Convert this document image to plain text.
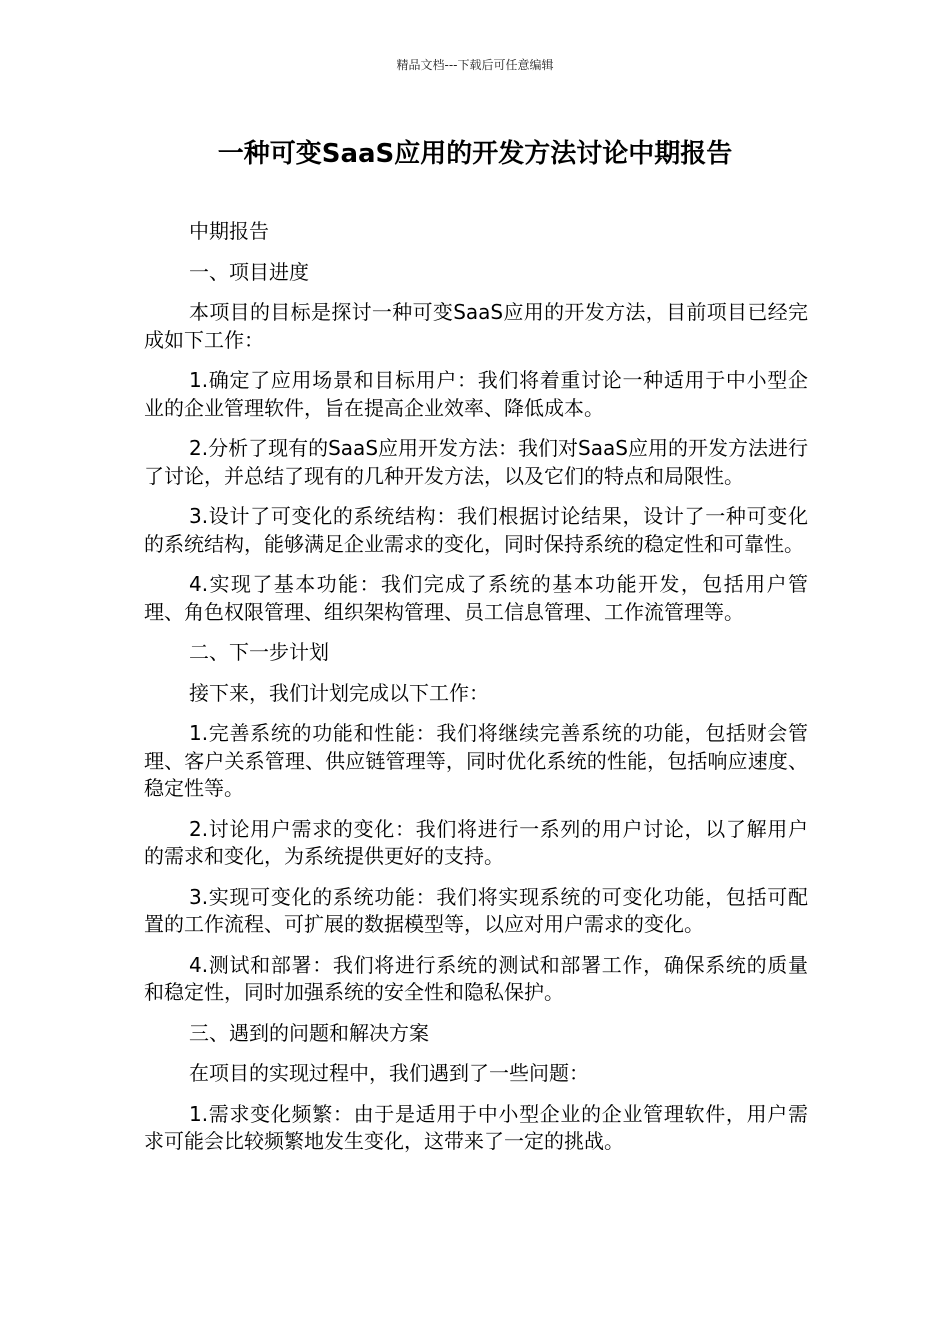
精品文档---下载后可任意编辑
一种可变SaaS应用的开发方法讨论中期报告

中期报告

一、项目进度

本项目的目标是探讨一种可变SaaS应用的开发方法，目前项目已经完成如下工作：

1.确定了应用场景和目标用户：我们将着重讨论一种适用于中小型企业的企业管理软件，旨在提高企业效率、降低成本。

2.分析了现有的SaaS应用开发方法：我们对SaaS应用的开发方法进行了讨论，并总结了现有的几种开发方法，以及它们的特点和局限性。

3.设计了可变化的系统结构：我们根据讨论结果，设计了一种可变化的系统结构，能够满足企业需求的变化，同时保持系统的稳定性和可靠性。

4.实现了基本功能：我们完成了系统的基本功能开发，包括用户管理、角色权限管理、组织架构管理、员工信息管理、工作流管理等。

二、下一步计划

接下来，我们计划完成以下工作：

1.完善系统的功能和性能：我们将继续完善系统的功能，包括财会管理、客户关系管理、供应链管理等，同时优化系统的性能，包括响应速度、稳定性等。

2.讨论用户需求的变化：我们将进行一系列的用户讨论，以了解用户的需求和变化，为系统提供更好的支持。

3.实现可变化的系统功能：我们将实现系统的可变化功能，包括可配置的工作流程、可扩展的数据模型等，以应对用户需求的变化。

4.测试和部署：我们将进行系统的测试和部署工作，确保系统的质量和稳定性，同时加强系统的安全性和隐私保护。

三、遇到的问题和解决方案

在项目的实现过程中，我们遇到了一些问题：

1.需求变化频繁：由于是适用于中小型企业的企业管理软件，用户需求可能会比较频繁地发生变化，这带来了一定的挑战。
